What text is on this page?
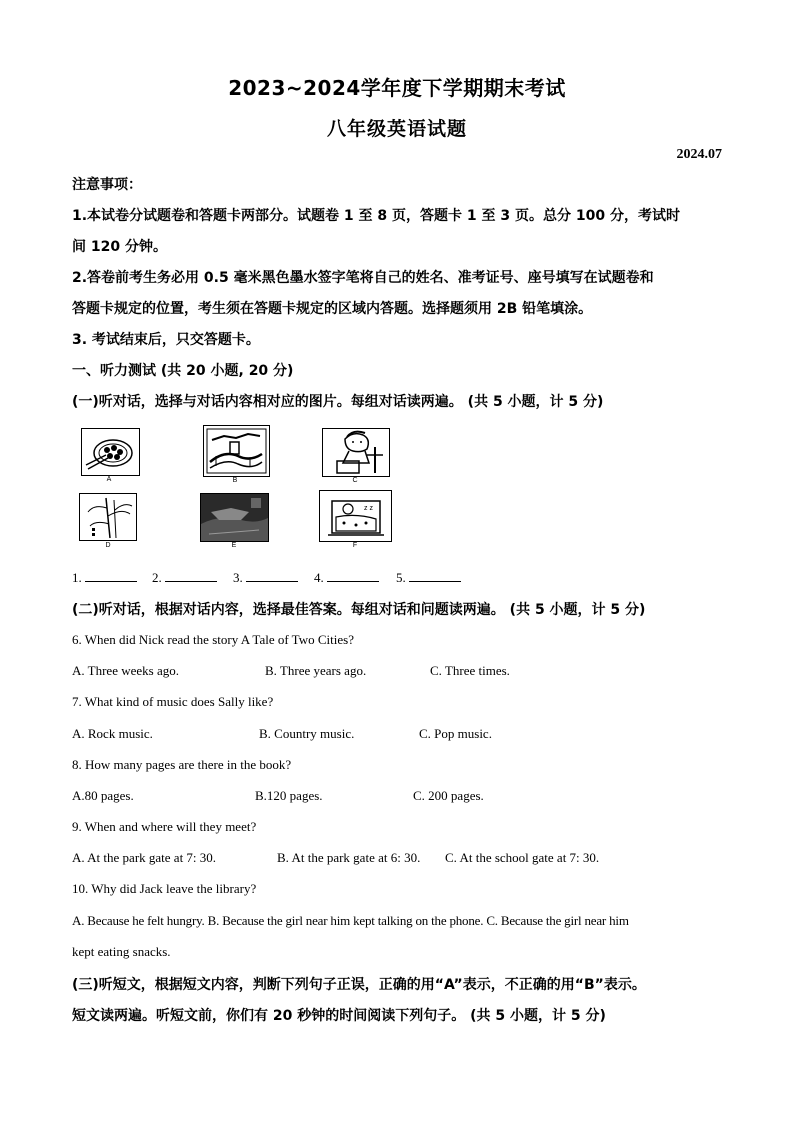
2023~2024学年度下学期期末考试
八年级英语试题
2024.07
注意事项：
1.本试卷分试题卷和答题卡两部分。试题卷 1 至 8 页，答题卡 1 至 3 页。总分 100 分，考试时
间 120 分钟。
2.答卷前考生务必用 0.5 毫米黑色墨水签字笔将自己的姓名、准考证号、座号填写在试题卷和
答题卡规定的位置，考生须在答题卡规定的区域内答题。选择题须用 2B 铅笔填涂。
3. 考试结束后，只交答题卡。
一、听力测试 (共 20 小题, 20 分)
(一)听对话，选择与对话内容相对应的图片。每组对话读两遍。 (共 5 小题，计 5 分)
A	B	C
D	E
z z
F
1.	2.	3.	4.	5.
(二)听对话，根据对话内容，选择最佳答案。每组对话和问题读两遍。 (共 5 小题，计 5 分)
6. When did Nick read the story A Tale of Two Cities?
A. Three weeks ago.	B. Three years ago.	C. Three times.
7. What kind of music does Sally like?
A. Rock music.	B. Country music.	C. Pop music.
8. How many pages are there in the book?
A.80 pages.	B.120 pages.	C. 200 pages.
9. When and where will they meet?
A. At the park gate at 7: 30.	B. At the park gate at 6: 30. C. At the school gate at 7: 30.
10. Why did Jack leave the library?
A. Because he felt hungry. B. Because the girl near him kept talking on the phone. C. Because the girl near him
kept eating snacks.
(三)听短文，根据短文内容，判断下列句子正误，正确的用“A”表示，不正确的用“B”表示。
短文读两遍。听短文前，你们有 20 秒钟的时间阅读下列句子。 (共 5 小题，计 5 分)
